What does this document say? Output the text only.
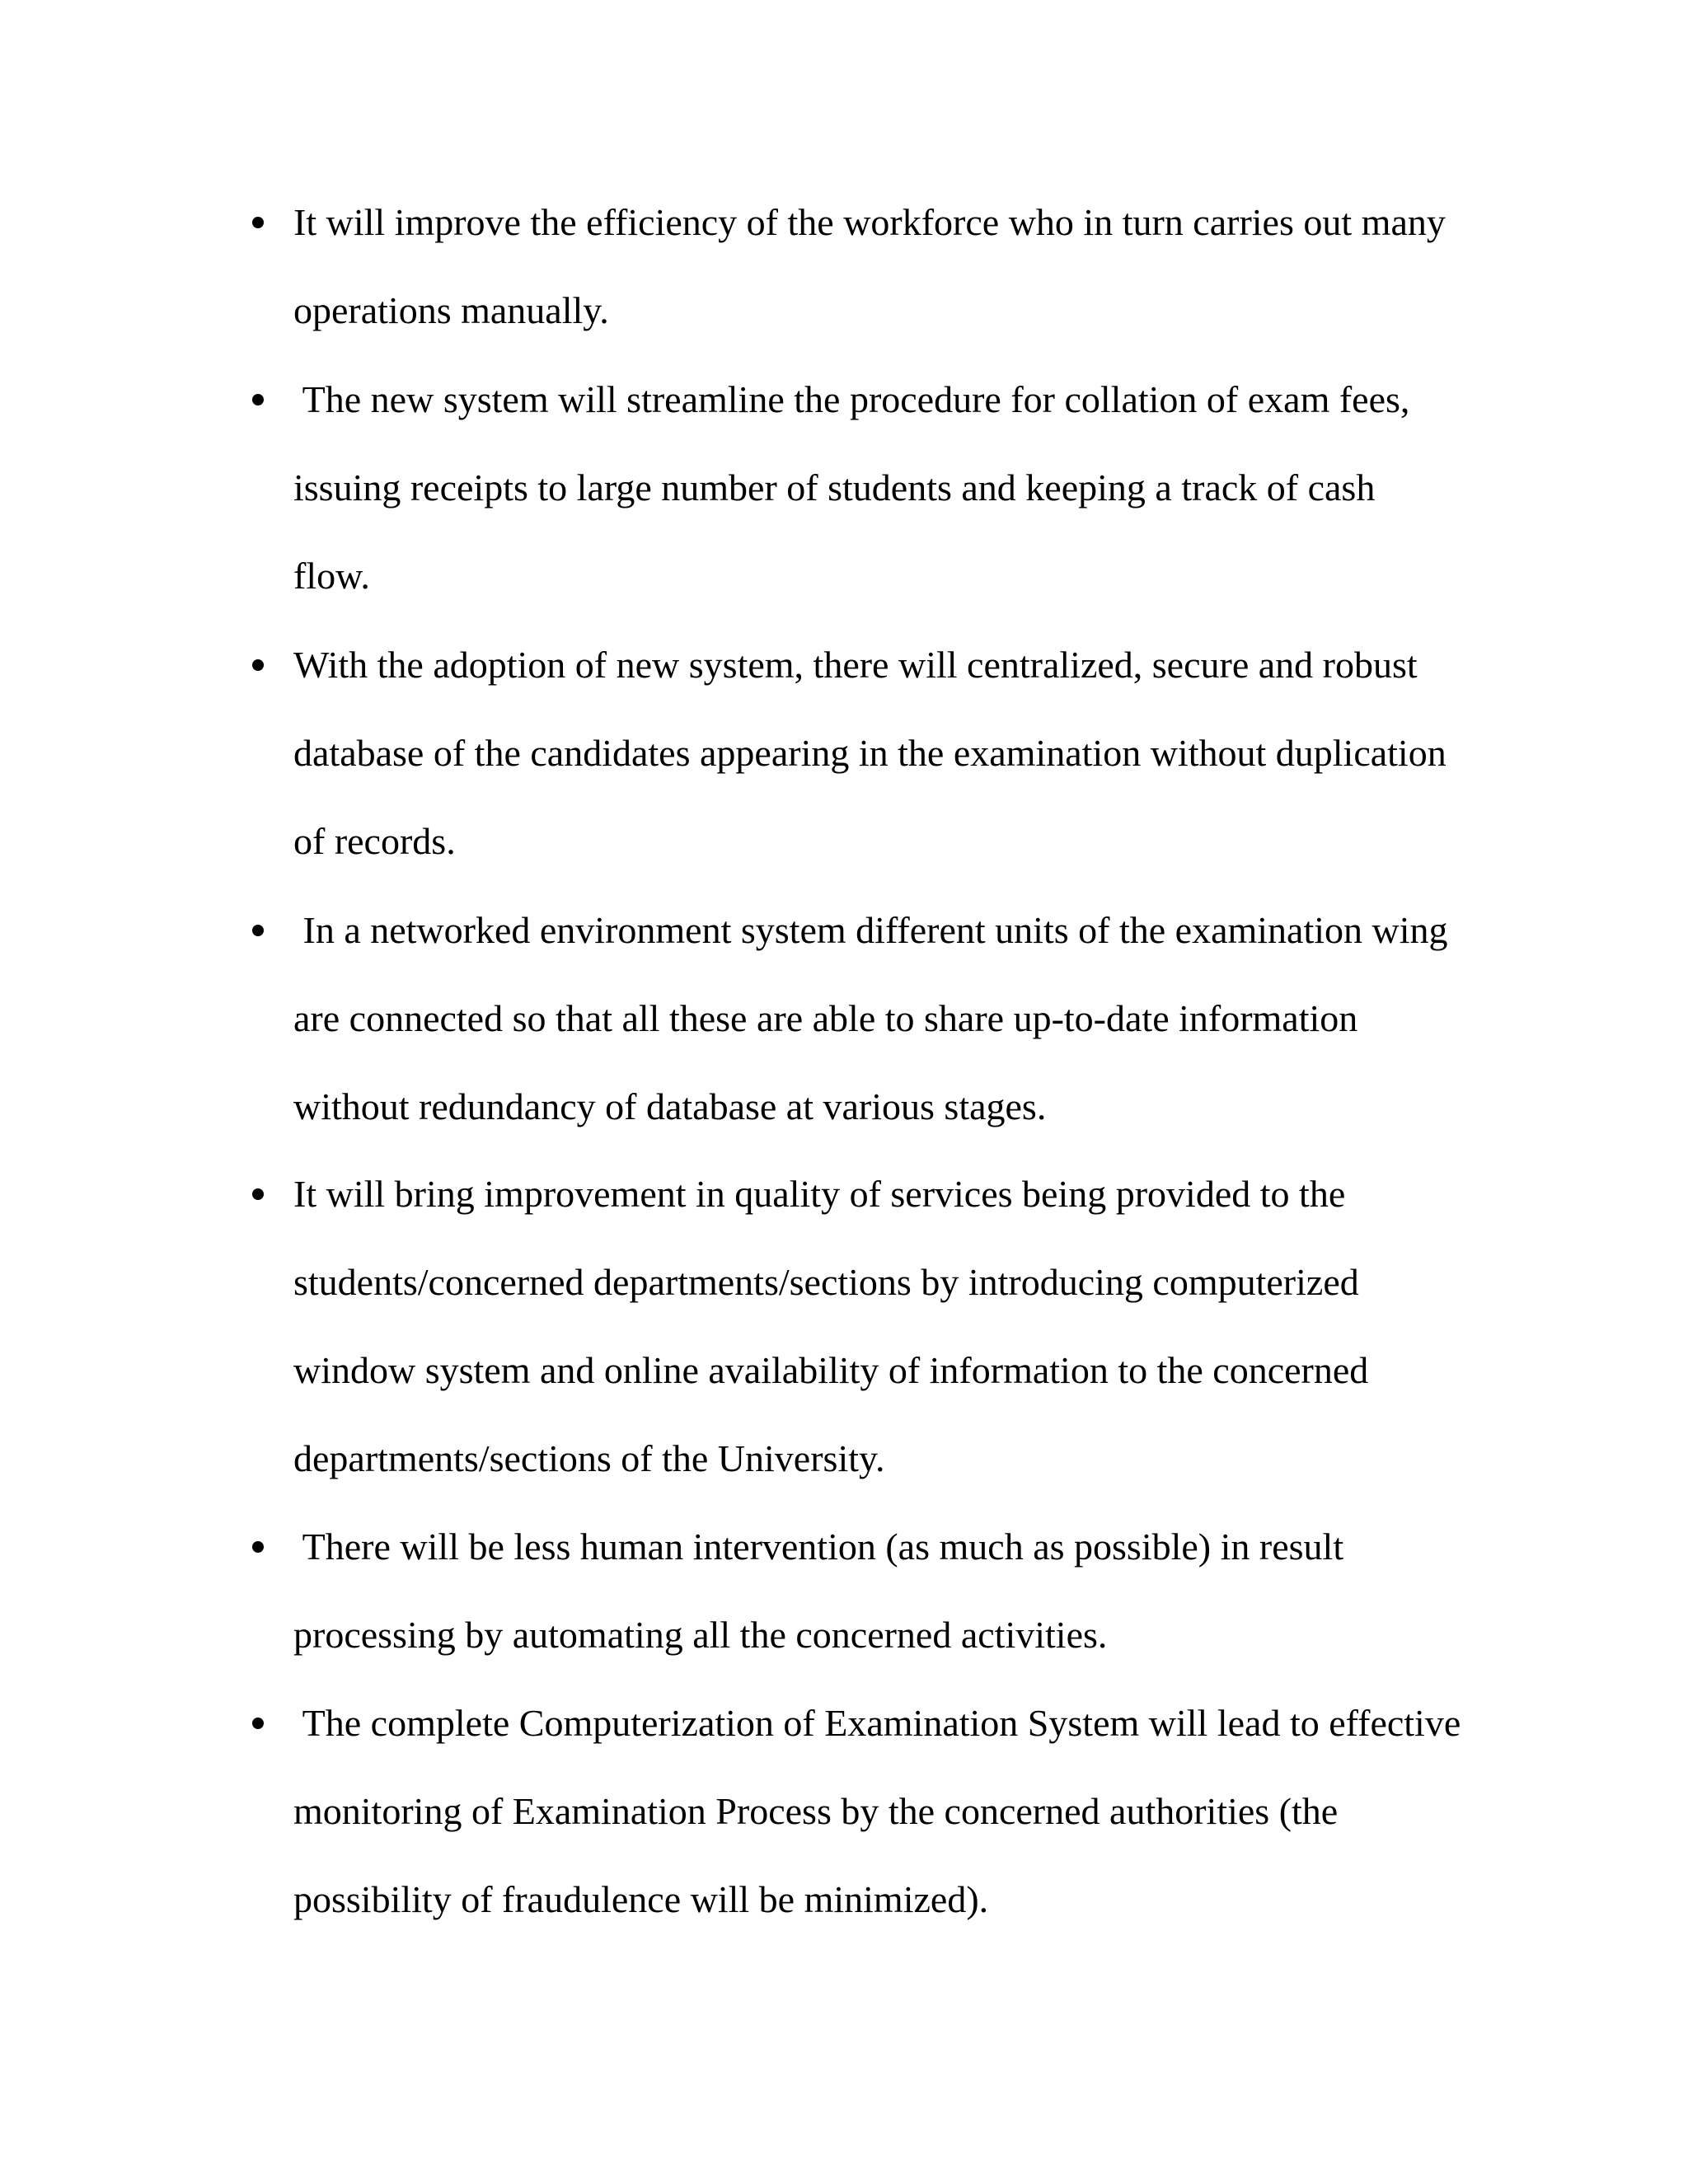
It will improve the efficiency of the workforce who in turn carries out many
operations manually.
The new system will streamline the procedure for collation of exam fees,
issuing receipts to large number of students and keeping a track of cash
flow.
With the adoption of new system, there will centralized, secure and robust
database of the candidates appearing in the examination without duplication
of records.
In a networked environment system different units of the examination wing
are connected so that all these are able to share up-to-date information
without redundancy of database at various stages.
It will bring improvement in quality of services being provided to the
students/concerned departments/sections by introducing computerized
window system and online availability of information to the concerned
departments/sections of the University.
There will be less human intervention (as much as possible) in result
processing by automating all the concerned activities.
The complete Computerization of Examination System will lead to effective
monitoring of Examination Process by the concerned authorities (the
possibility of fraudulence will be minimized).
